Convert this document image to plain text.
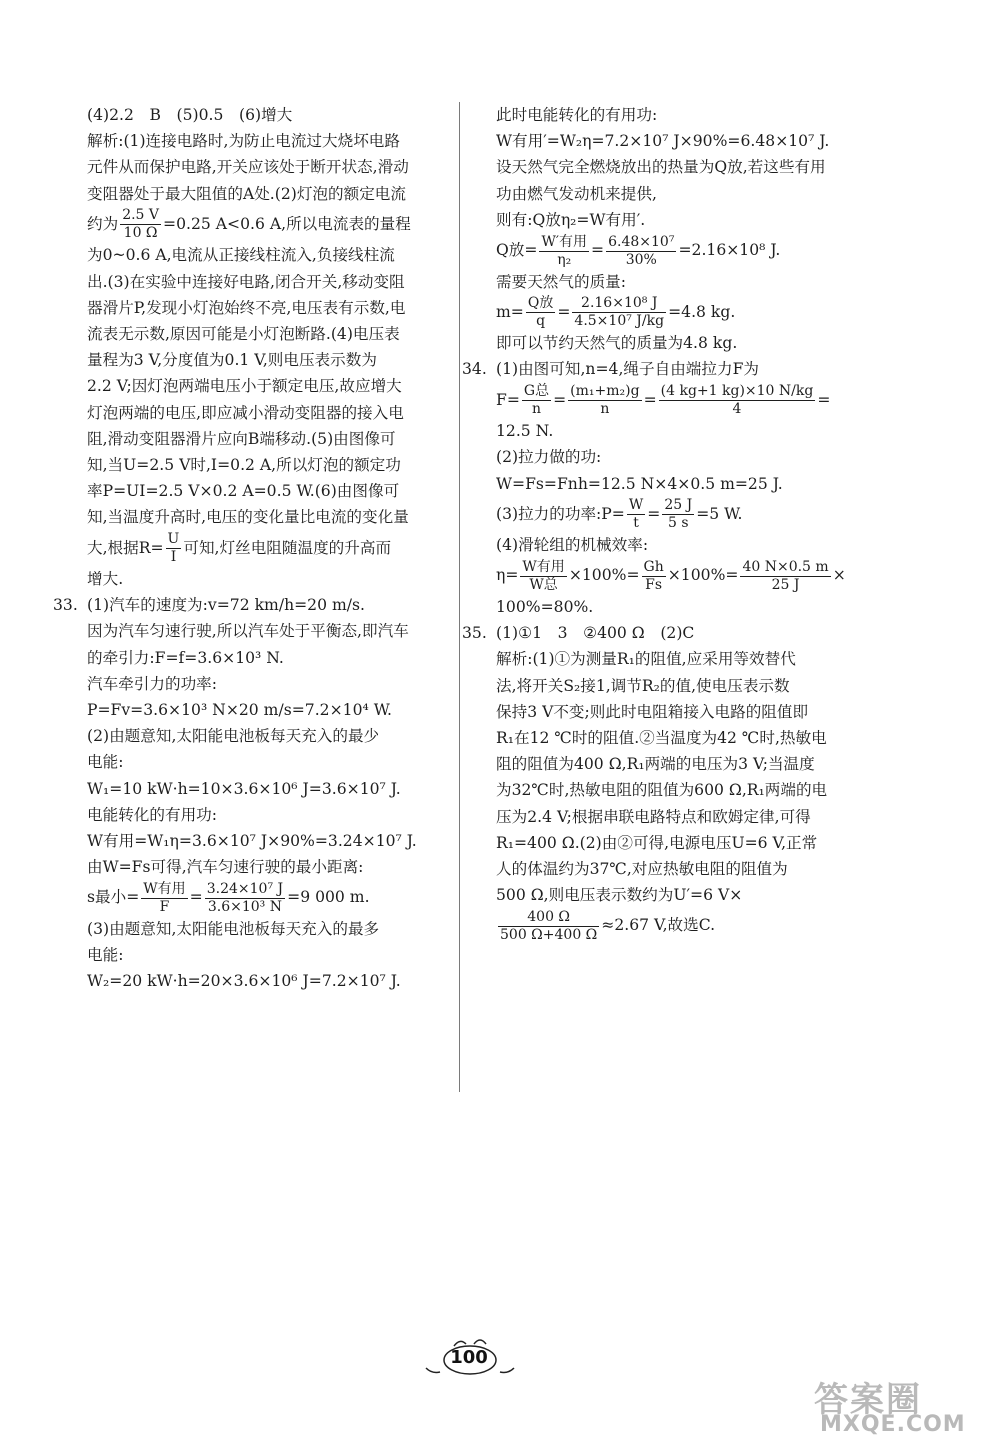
(4)2.2　B　(5)0.5　(6)增大
解析:(1)连接电路时,为防止电流过大烧坏电路
元件从而保护电路,开关应该处于断开状态,滑动
变阻器处于最大阻值的A处.(2)灯泡的额定电流
约为 $\frac{2.5 V}{10 \Omega} =0.25$ A<0.6 A,所以电流表的量程
为0~0.6 A,电流从正接线柱流入,负接线柱流
出.(3)在实验中连接好电路,闭合开关,移动变阻
器滑片P,发现小灯泡始终不亮,电压表有示数,电
流表无示数,原因可能是小灯泡断路.(4)电压表
量程为3 V,分度值为0.1 V,则电压表示数为
2.2 V;因灯泡两端电压小于额定电压,故应增大
灯泡两端的电压,即应减小滑动变阻器的接入电
阻,滑动变阻器滑片应向B端移动.(5)由图像可
知,当U=2.5 V时,I=0.2 A,所以灯泡的额定功
率P=UI=2.5 V×0.2 A=0.5 W.(6)由图像可
知,当温度升高时,电压的变化量比电流的变化量
大,根据$R= \frac{U}{I}$ 可知,灯丝电阻随温度的升高而
增大.
33. (1)汽车的速度为:v=72 km/h=20 m/s.
因为汽车匀速行驶,所以汽车处于平衡态,即汽车
的牵引力:F=f=3.6×10³ N.
汽车牵引力的功率:
P=Fv=3.6×10³ N×20 m/s=7.2×10⁴ W.
(2)由题意知,太阳能电池板每天充入的最少
电能:
W₁=10 kW·h=10×3.6×10⁶ J=3.6×10⁷ J.
电能转化的有用功:
W有用=W₁η=3.6×10⁷ J×90%=3.24×10⁷ J.
由W=Fs可得,汽车匀速行驶的最小距离:
s最小= $\frac{\text{W有用}}{F} = \frac{\text{3.24×10⁷ J}}{\text{3.6×10³ N}} =9$ 000 m.
(3)由题意知,太阳能电池板每天充入的最多
电能:
W₂=20 kW·h=20×3.6×10⁶ J=7.2×10⁷ J.
此时电能转化的有用功:
W有用′=W₂η=7.2×10⁷ J×90%=6.48×10⁷ J.
设天然气完全燃烧放出的热量为Q放,若这些有用
功由燃气发动机来提供,
则有:Q放η₂=W有用′.
Q放= $\frac{\text{W′有用}}{\text{η₂}} = \frac{\text{6.48×10⁷}}{30\%} =2.16\times 10^8$ J.
需要天然气的质量:
$m= \frac{\text{Q放}}{q} = \frac{\text{2.16×10⁸ J}}{\text{4.5×10⁷ J/kg}} =4.8$ kg.
即可以节约天然气的质量为4.8 kg.
34. (1)由图可知,n=4,绳子自由端拉力F为
$F= \frac{\text{G总}}{n} = \frac{\text{(m₁+m₂)g}}{n} = \frac{(4 kg+1 kg)\times 10 N/kg}{4}$ =
12.5 N.
(2)拉力做的功:
W=Fs=Fnh=12.5 N×4×0.5 m=25 J.
(3)拉力的功率:P= $\frac{W}{t} = \frac{25 J}{5 s} =5$ W.
(4)滑轮组的机械效率:
$\eta= \frac{\text{W有用}}{\text{W总}} \times 100\%= \frac{Gh}{Fs} \times 100\%= \frac{40 N\times 0.5 m}{25 J}$ ×
100%=80%.
35. (1)①1　3　②400 Ω　(2)C
解析:(1)①为测量R₁的阻值,应采用等效替代
法,将开关S₂接1,调节R₂的值,使电压表示数
保持3 V不变;则此时电阻箱接入电路的阻值即
R₁在12 ℃时的阻值.②当温度为42 ℃时,热敏电
阻的阻值为400 Ω,R₁两端的电压为3 V;当温度
为32℃时,热敏电阻的阻值为600 Ω,R₁两端的电
压为2.4 V;根据串联电路特点和欧姆定律,可得
R₁=400 Ω.(2)由②可得,电源电压U=6 V,正常
人的体温约为37℃,对应热敏电阻的阻值为
500 Ω,则电压表示数约为U′=6 V×
$\frac{400 \Omega}{500 \Omega+400 \Omega} \approx 2.67$ V,故选C.
100
答案圈
MXQE.COM
